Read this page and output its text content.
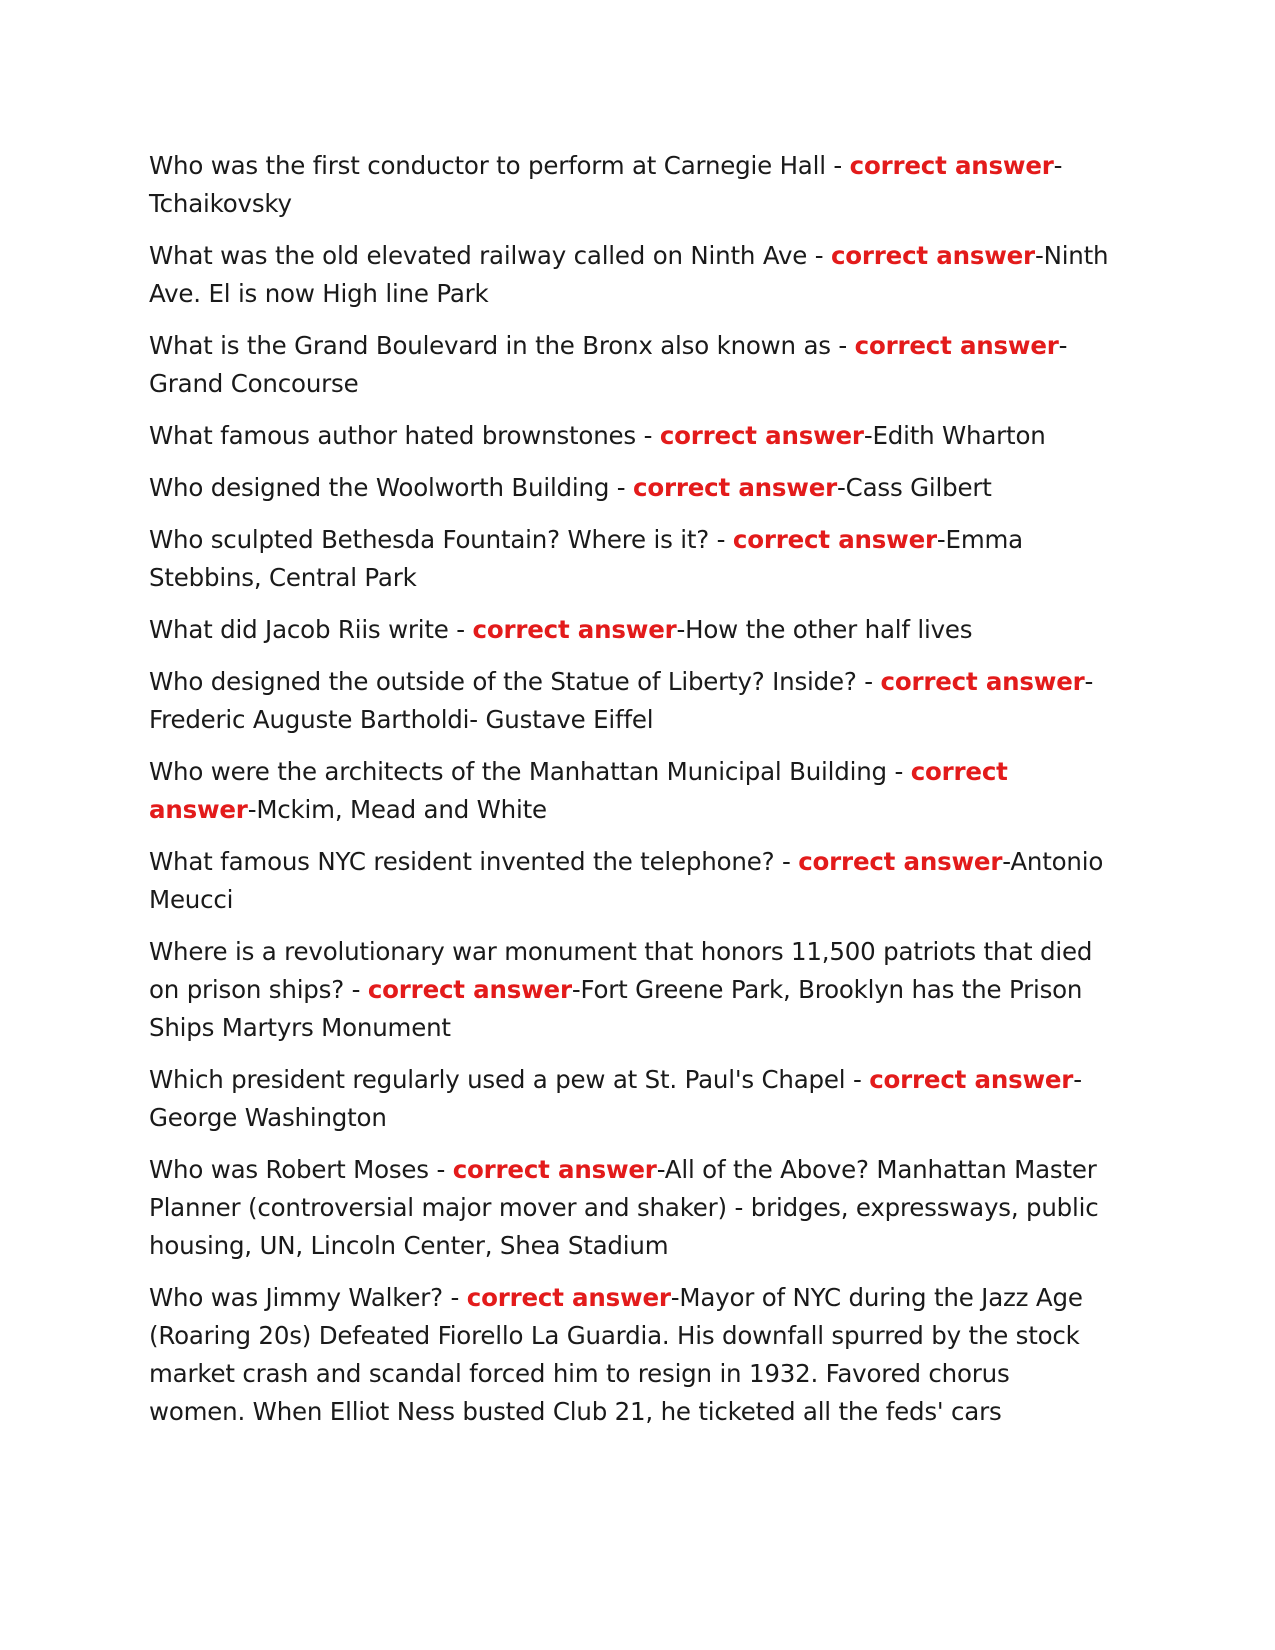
Who was the first conductor to perform at Carnegie Hall - correct answer-Tchaikovsky

What was the old elevated railway called on Ninth Ave - correct answer-Ninth Ave. El is now High line Park

What is the Grand Boulevard in the Bronx also known as - correct answer-Grand Concourse

What famous author hated brownstones - correct answer-Edith Wharton

Who designed the Woolworth Building - correct answer-Cass Gilbert

Who sculpted Bethesda Fountain? Where is it? - correct answer-Emma Stebbins, Central Park

What did Jacob Riis write - correct answer-How the other half lives

Who designed the outside of the Statue of Liberty? Inside? - correct answer-Frederic Auguste Bartholdi- Gustave Eiffel

Who were the architects of the Manhattan Municipal Building - correct answer-Mckim, Mead and White

What famous NYC resident invented the telephone? - correct answer-Antonio Meucci

Where is a revolutionary war monument that honors 11,500 patriots that died on prison ships? - correct answer-Fort Greene Park, Brooklyn has the Prison Ships Martyrs Monument

Which president regularly used a pew at St. Paul's Chapel - correct answer-George Washington

Who was Robert Moses - correct answer-All of the Above? Manhattan Master Planner (controversial major mover and shaker) - bridges, expressways, public housing, UN, Lincoln Center, Shea Stadium

Who was Jimmy Walker? - correct answer-Mayor of NYC during the Jazz Age (Roaring 20s) Defeated Fiorello La Guardia. His downfall spurred by the stock market crash and scandal forced him to resign in 1932. Favored chorus women. When Elliot Ness busted Club 21, he ticketed all the feds' cars
